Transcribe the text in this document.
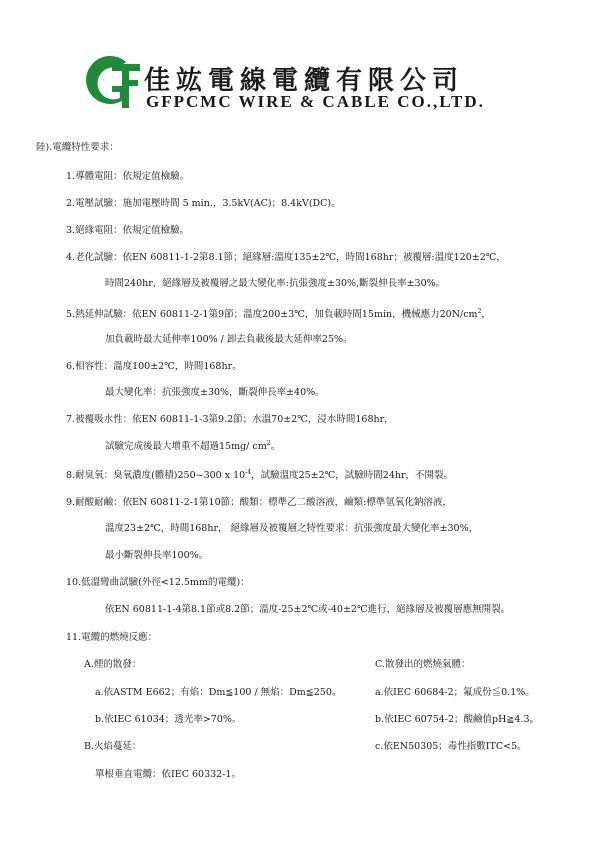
佳竑電線電纜有限公司
GFPCMC WIRE & CABLE CO.,LTD.
陸).電纜特性要求：
1.導體電阻：依規定值檢驗。
2.電壓試驗：施加電壓時間 5 min.，3.5kV(AC)；8.4kV(DC)。
3.絕緣電阻：依規定值檢驗。
4.老化試驗：依EN 60811-1-2第8.1節；絕緣層:溫度135±2℃，時間168hr；被覆層:溫度120±2℃，
時間240hr，絕緣層及被覆層之最大變化率:抗張強度±30%,斷裂伸長率±30%。
5.熱延伸試驗：依EN 60811-2-1第9節；溫度200±3℃，加負載時間15min，機械應力$20N/cm^2$，
加負載時最大延伸率100% / 卸去負載後最大延伸率25%。
6.相容性：溫度100±2℃，時間168hr。
最大變化率：抗張強度±30%，斷裂伸長率±40%。
7.被覆吸水性：依EN 60811-1-3第9.2節；水溫70±2℃，浸水時間168hr，
試驗完成後最大增重不超過15mg/ $cm^2$。
8.耐臭氧：臭氧濃度(體積)250~300 x $10^{-4}$，試驗溫度25±2℃，試驗時間24hr，不開裂。
9.耐酸耐鹼：依EN 60811-2-1第10節；酸類：標準乙二酸溶液，鹼類:標準氫氧化鈉溶液，
溫度23±2℃，時間168hr， 絕緣層及被覆層之特性要求：抗張強度最大變化率±30%，
最小斷裂伸長率100%。
10.低溫彎曲試驗(外徑<12.5mm的電纜)：
依EN 60811-1-4第8.1節或8.2節；溫度-25±2℃或-40±2℃進行，絕緣層及被覆層應無開裂。
11.電纜的燃燒反應：
A.煙的散發：	C.散發出的燃燒氣體：
a.依ASTM E662；有焰：Dm≦100 / 無焰：Dm≦250。	a.依IEC 60684-2；氟成份≦0.1%。
b.依IEC 61034；透光率>70%。	b.依IEC 60754-2；酸鹼值pH≧4.3。
B.火焰蔓延：	c.依EN50305；毒性指數ITC<5。
單根垂直電纜：依IEC 60332-1。
